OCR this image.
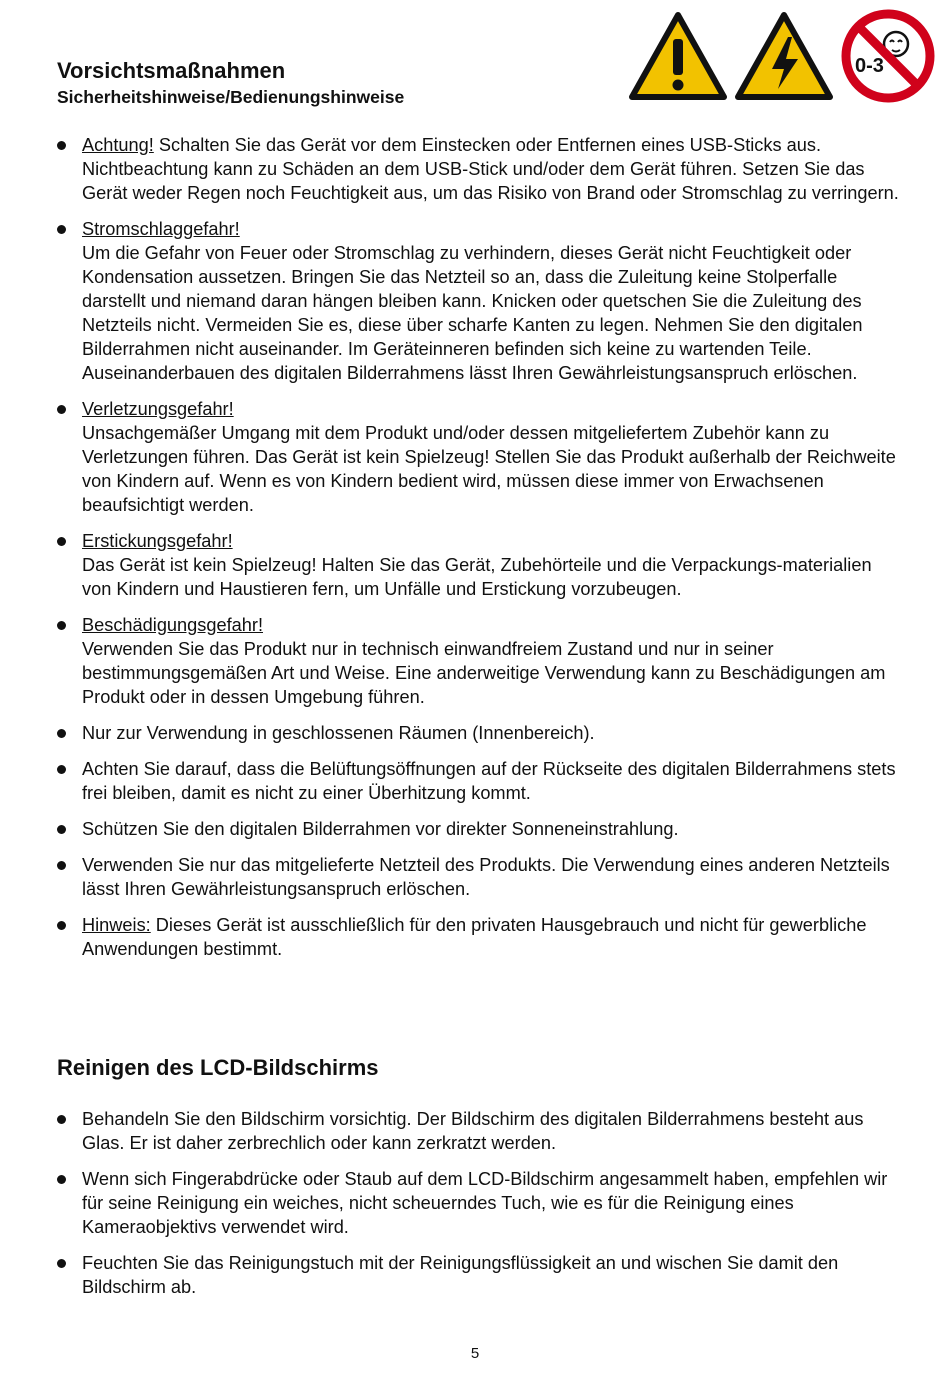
Vorsichtsmaßnahmen
Sicherheitshinweise/Bedienungshinweise
0-3
Achtung! Schalten Sie das Gerät vor dem Einstecken oder Entfernen eines USB-Sticks aus. Nichtbeachtung kann zu Schäden an dem USB-Stick und/oder dem Gerät führen. Setzen Sie das Gerät weder Regen noch Feuchtigkeit aus, um das Risiko von Brand oder Stromschlag zu verringern.
Stromschlaggefahr!
Um die Gefahr von Feuer oder Stromschlag zu verhindern, dieses Gerät nicht Feuchtigkeit oder Kondensation aussetzen. Bringen Sie das Netzteil so an, dass die Zuleitung keine Stolperfalle darstellt und niemand daran hängen bleiben kann. Knicken oder quetschen Sie die Zuleitung des Netzteils nicht. Vermeiden Sie es, diese über scharfe Kanten zu legen. Nehmen Sie den digitalen Bilderrahmen nicht auseinander. Im Geräteinneren befinden sich keine zu wartenden Teile. Auseinanderbauen des digitalen Bilderrahmens lässt Ihren Gewährleistungsanspruch erlöschen.
Verletzungsgefahr!
Unsachgemäßer Umgang mit dem Produkt und/oder dessen mitgeliefertem Zubehör kann zu Verletzungen führen. Das Gerät ist kein Spielzeug! Stellen Sie das Produkt außerhalb der Reichweite von Kindern auf. Wenn es von Kindern bedient wird, müssen diese immer von Erwachsenen beaufsichtigt werden.
Erstickungsgefahr!
Das Gerät ist kein Spielzeug! Halten Sie das Gerät, Zubehörteile und die Verpackungs-materialien von Kindern und Haustieren fern, um Unfälle und Erstickung vorzubeugen.
Beschädigungsgefahr!
Verwenden Sie das Produkt nur in technisch einwandfreiem Zustand und nur in seiner bestimmungsgemäßen Art und Weise. Eine anderweitige Verwendung kann zu Beschädigungen am Produkt oder in dessen Umgebung führen.
Nur zur Verwendung in geschlossenen Räumen (Innenbereich).
Achten Sie darauf, dass die Belüftungsöffnungen auf der Rückseite des digitalen Bilderrahmens stets frei bleiben, damit es nicht zu einer Überhitzung kommt.
Schützen Sie den digitalen Bilderrahmen vor direkter Sonneneinstrahlung.
Verwenden Sie nur das mitgelieferte Netzteil des Produkts. Die Verwendung eines anderen Netzteils lässt Ihren Gewährleistungsanspruch erlöschen.
Hinweis: Dieses Gerät ist ausschließlich für den privaten Hausgebrauch und nicht für gewerbliche Anwendungen bestimmt.
Reinigen des LCD-Bildschirms
Behandeln Sie den Bildschirm vorsichtig. Der Bildschirm des digitalen Bilderrahmens besteht aus Glas. Er ist daher zerbrechlich oder kann zerkratzt werden.
Wenn sich Fingerabdrücke oder Staub auf dem LCD-Bildschirm angesammelt haben, empfehlen wir für seine Reinigung ein weiches, nicht scheuerndes Tuch, wie es für die Reinigung eines Kameraobjektivs verwendet wird.
Feuchten Sie das Reinigungstuch mit der Reinigungsflüssigkeit an und wischen Sie damit den Bildschirm ab.
5
